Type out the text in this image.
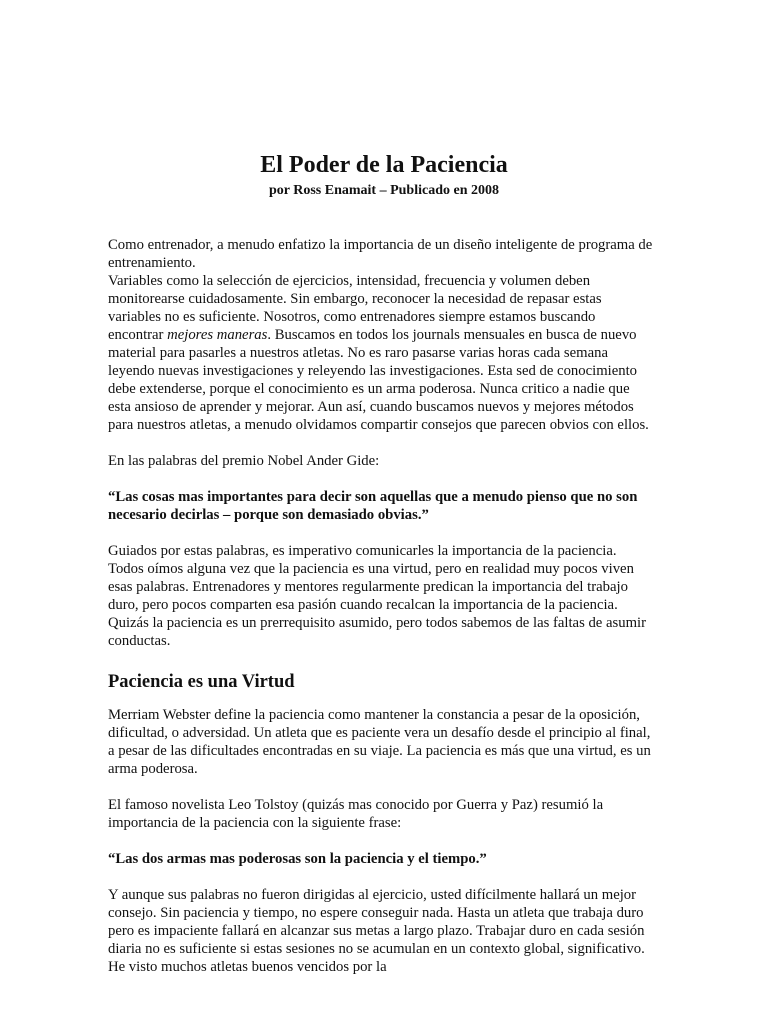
El Poder de la Paciencia

por Ross Enamait – Publicado en 2008

Como entrenador, a menudo enfatizo la importancia de un diseño inteligente de programa de entrenamiento.

Variables como la selección de ejercicios, intensidad, frecuencia y volumen deben monitorearse cuidadosamente. Sin embargo, reconocer la necesidad de repasar estas variables no es suficiente. Nosotros, como entrenadores siempre estamos buscando encontrar mejores maneras. Buscamos en todos los journals mensuales en busca de nuevo material para pasarles a nuestros atletas. No es raro pasarse varias horas cada semana leyendo nuevas investigaciones y releyendo las investigaciones. Esta sed de conocimiento debe extenderse, porque el conocimiento es un arma poderosa. Nunca critico a nadie que esta ansioso de aprender y mejorar. Aun así, cuando buscamos nuevos y mejores métodos para nuestros atletas, a menudo olvidamos compartir consejos que parecen obvios con ellos.

En las palabras del premio Nobel Ander Gide:

“Las cosas mas importantes para decir son aquellas que a menudo pienso que no son necesario decirlas – porque son demasiado obvias.”

Guiados por estas palabras, es imperativo comunicarles la importancia de la paciencia. Todos oímos alguna vez que la paciencia es una virtud, pero en realidad muy pocos viven esas palabras. Entrenadores y mentores regularmente predican la importancia del trabajo duro, pero pocos comparten esa pasión cuando recalcan la importancia de la paciencia. Quizás la paciencia es un prerrequisito asumido, pero todos sabemos de las faltas de asumir conductas.

Paciencia es una Virtud

Merriam Webster define la paciencia como mantener la constancia a pesar de la oposición, dificultad, o adversidad. Un atleta que es paciente vera un desafío desde el principio al final, a pesar de las dificultades encontradas en su viaje. La paciencia es más que una virtud, es un arma poderosa.

El famoso novelista Leo Tolstoy (quizás mas conocido por Guerra y Paz) resumió la importancia de la paciencia con la siguiente frase:

“Las dos armas mas poderosas son la paciencia y el tiempo.”

Y aunque sus palabras no fueron dirigidas al ejercicio, usted difícilmente hallará un mejor consejo. Sin paciencia y tiempo, no espere conseguir nada. Hasta un atleta que trabaja duro pero es impaciente fallará en alcanzar sus metas a largo plazo. Trabajar duro en cada sesión diaria no es suficiente si estas sesiones no se acumulan en un contexto global, significativo. He visto muchos atletas buenos vencidos por la
